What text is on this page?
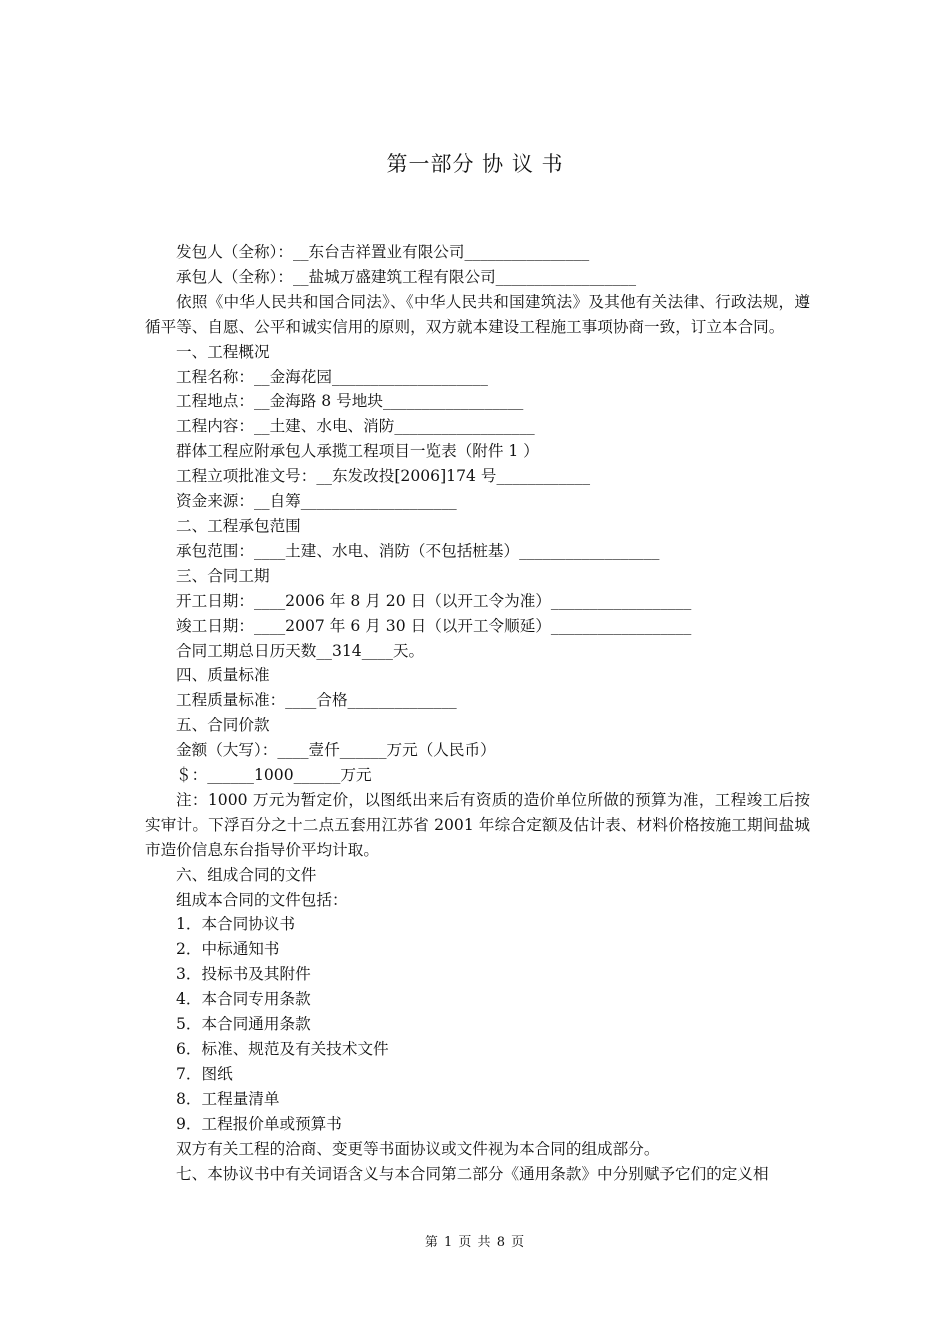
第一部分 协 议 书
发包人（全称）：__东台吉祥置业有限公司________________
承包人（全称）：__盐城万盛建筑工程有限公司__________________
依照《中华人民共和国合同法》、《中华人民共和国建筑法》及其他有关法律、行政法规，遵循平等、自愿、公平和诚实信用的原则，双方就本建设工程施工事项协商一致，订立本合同。
一、工程概况
工程名称：__金海花园____________________
工程地点：__金海路 8 号地块__________________
工程内容：__土建、水电、消防__________________
群体工程应附承包人承揽工程项目一览表（附件 1 ）
工程立项批准文号：__东发改投[2006]174 号____________
资金来源：__自筹____________________
二、工程承包范围
承包范围：____土建、水电、消防（不包括桩基）__________________
三、合同工期
开工日期：____2006 年 8 月 20 日（以开工令为准）__________________
竣工日期：____2007 年 6 月 30 日（以开工令顺延）__________________
合同工期总日历天数__314____天。
四、质量标准
工程质量标准：____合格______________
五、合同价款
金额（大写）：____壹仟______万元（人民币）
＄：______1000______万元
注：1000 万元为暂定价，以图纸出来后有资质的造价单位所做的预算为准，工程竣工后按实审计。下浮百分之十二点五套用江苏省 2001 年综合定额及估计表、材料价格按施工期间盐城市造价信息东台指导价平均计取。
六、组成合同的文件
组成本合同的文件包括：
1．本合同协议书
2．中标通知书
3．投标书及其附件
4．本合同专用条款
5．本合同通用条款
6．标准、规范及有关技术文件
7．图纸
8．工程量清单
9．工程报价单或预算书
双方有关工程的洽商、变更等书面协议或文件视为本合同的组成部分。
七、本协议书中有关词语含义与本合同第二部分《通用条款》中分别赋予它们的定义相
第 1 页 共 8 页
